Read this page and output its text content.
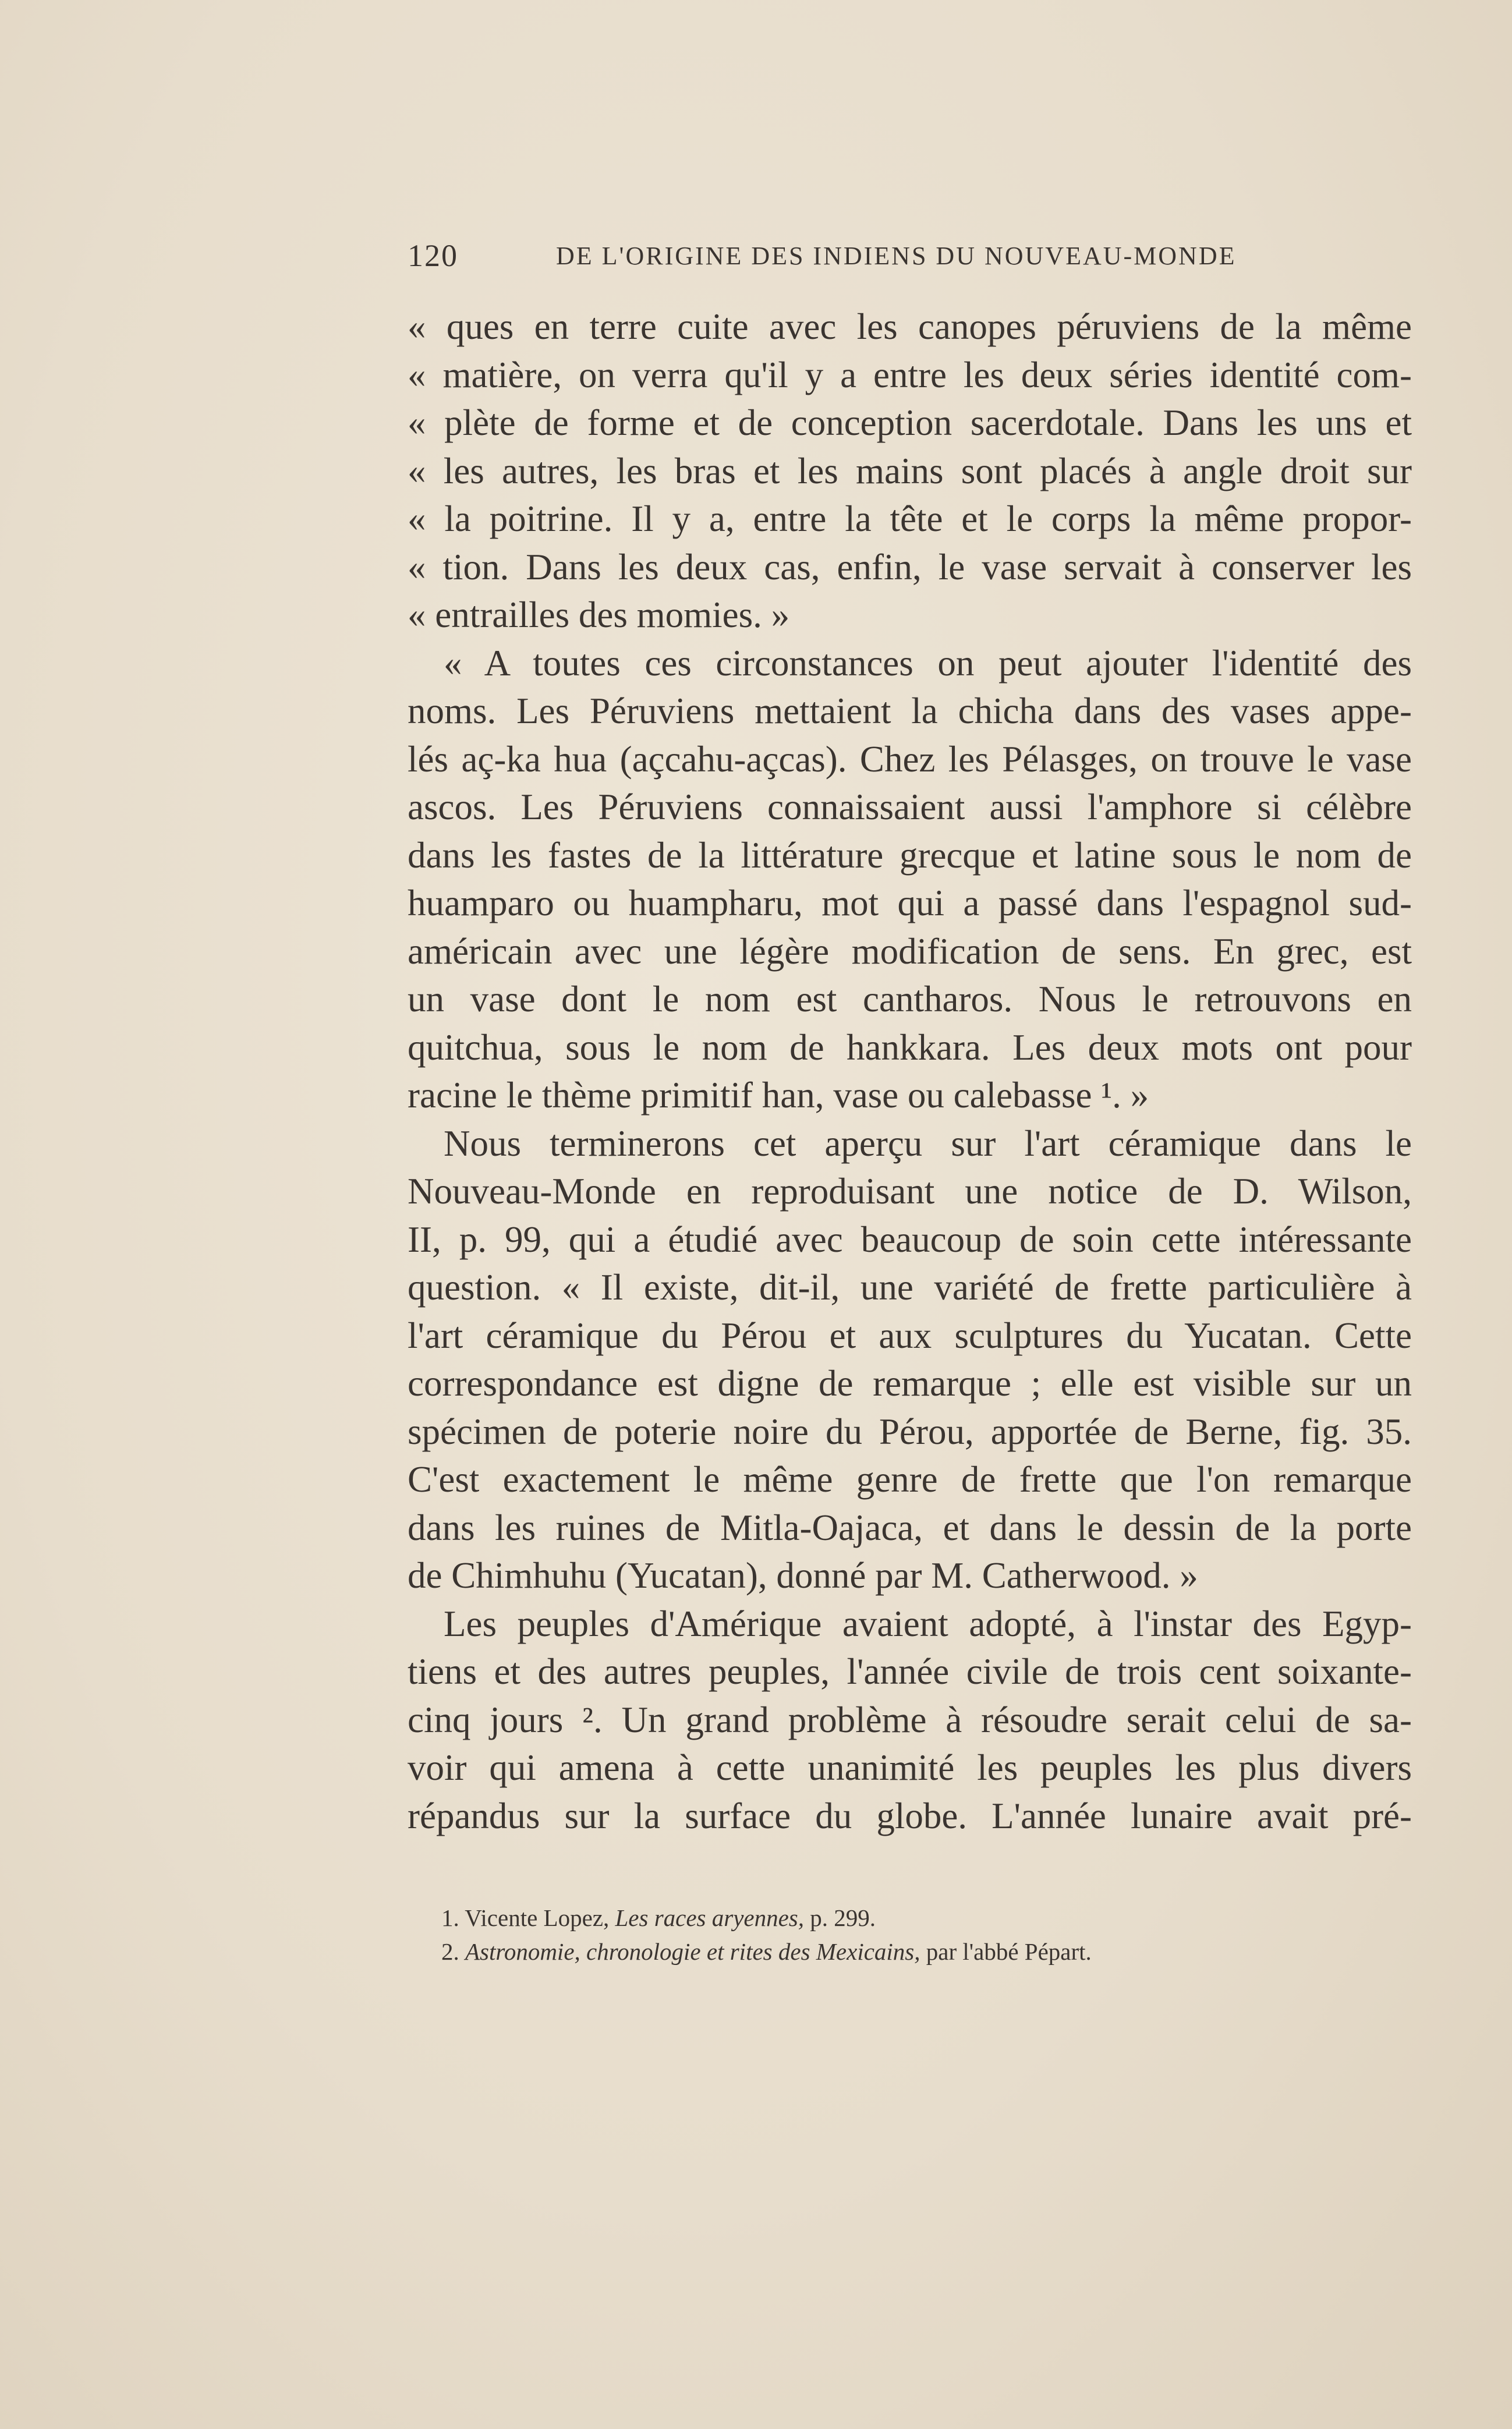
120	DE L'ORIGINE DES INDIENS DU NOUVEAU-MONDE
« ques en terre cuite avec les canopes péruviens de la même
« matière, on verra qu'il y a entre les deux séries identité com-
« plète de forme et de conception sacerdotale. Dans les uns et
« les autres, les bras et les mains sont placés à angle droit sur
« la poitrine. Il y a, entre la tête et le corps la même propor-
« tion. Dans les deux cas, enfin, le vase servait à conserver les
« entrailles des momies. »
« A toutes ces circonstances on peut ajouter l'identité des
noms. Les Péruviens mettaient la chicha dans des vases appe-
lés aç-ka hua (açcahu-açcas). Chez les Pélasges, on trouve le vase
ascos. Les Péruviens connaissaient aussi l'amphore si célèbre
dans les fastes de la littérature grecque et latine sous le nom de
huamparo ou huampharu, mot qui a passé dans l'espagnol sud-
américain avec une légère modification de sens. En grec, est
un vase dont le nom est cantharos. Nous le retrouvons en
quitchua, sous le nom de hankkara. Les deux mots ont pour
racine le thème primitif han, vase ou calebasse ¹. »
Nous terminerons cet aperçu sur l'art céramique dans le
Nouveau-Monde en reproduisant une notice de D. Wilson,
II, p. 99, qui a étudié avec beaucoup de soin cette intéressante
question. « Il existe, dit-il, une variété de frette particulière à
l'art céramique du Pérou et aux sculptures du Yucatan. Cette
correspondance est digne de remarque ; elle est visible sur un
spécimen de poterie noire du Pérou, apportée de Berne, fig. 35.
C'est exactement le même genre de frette que l'on remarque
dans les ruines de Mitla-Oajaca, et dans le dessin de la porte
de Chimhuhu (Yucatan), donné par M. Catherwood. »
Les peuples d'Amérique avaient adopté, à l'instar des Egyp-
tiens et des autres peuples, l'année civile de trois cent soixante-
cinq jours ². Un grand problème à résoudre serait celui de sa-
voir qui amena à cette unanimité les peuples les plus divers
répandus sur la surface du globe. L'année lunaire avait pré-
1. Vicente Lopez, Les races aryennes, p. 299.
2. Astronomie, chronologie et rites des Mexicains, par l'abbé Pépart.
